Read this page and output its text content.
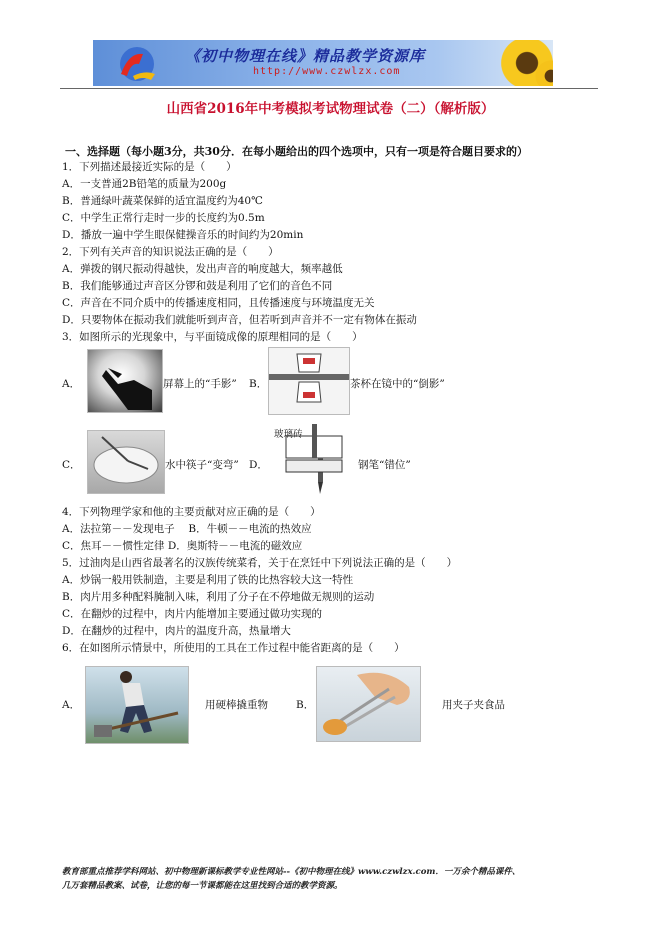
《初中物理在线》精品教学资源库
http://www.czwlzx.com
山西省2016年中考模拟考试物理试卷（二）（解析版）
一、选择题（每小题3分，共30分．在每小题给出的四个选项中，只有一项是符合题目要求的）
1．下列描述最接近实际的是（　　）
A．一支普通2B铅笔的质量为200g
B．普通绿叶蔬菜保鲜的适宜温度约为40℃
C．中学生正常行走时一步的长度约为0.5m
D．播放一遍中学生眼保健操音乐的时间约为20min
2．下列有关声音的知识说法正确的是（　　）
A．弹拨的钢尺振动得越快，发出声音的响度越大，频率越低
B．我们能够通过声音区分锣和鼓是利用了它们的音色不同
C．声音在不同介质中的传播速度相同，且传播速度与环境温度无关
D．只要物体在振动我们就能听到声音，但若听到声音并不一定有物体在振动
3．如图所示的光现象中，与平面镜成像的原理相同的是（　　）
A．	屏幕上的“手影” B．	茶杯在镜中的“倒影”
C．	水中筷子“变弯” D．
玻璃砖
钢笔“错位”
4．下列物理学家和他的主要贡献对应正确的是（　　）
A．法拉第－－发现电子　 B．牛顿－－电流的热效应
C．焦耳－－惯性定律 D．奥斯特－－电流的磁效应
5．过油肉是山西省最著名的汉族传统菜肴，关于在烹饪中下列说法正确的是（　　）
A．炒锅一般用铁制造，主要是利用了铁的比热容较大这一特性
B．肉片用多种配料腌制入味，利用了分子在不停地做无规则的运动
C．在翻炒的过程中，肉片内能增加主要通过做功实现的
D．在翻炒的过程中，肉片的温度升高，热量增大
6．在如图所示情景中，所使用的工具在工作过程中能省距离的是（　　）
A．	用硬棒撬重物	B．	用夹子夹食品
教育部重点推荐学科网站、初中物理新课标教学专业性网站--《初中物理在线》www.czwlzx.com．一万余个精品课件、
几万套精品教案、试卷，让您的每一节课都能在这里找到合适的教学资源。
